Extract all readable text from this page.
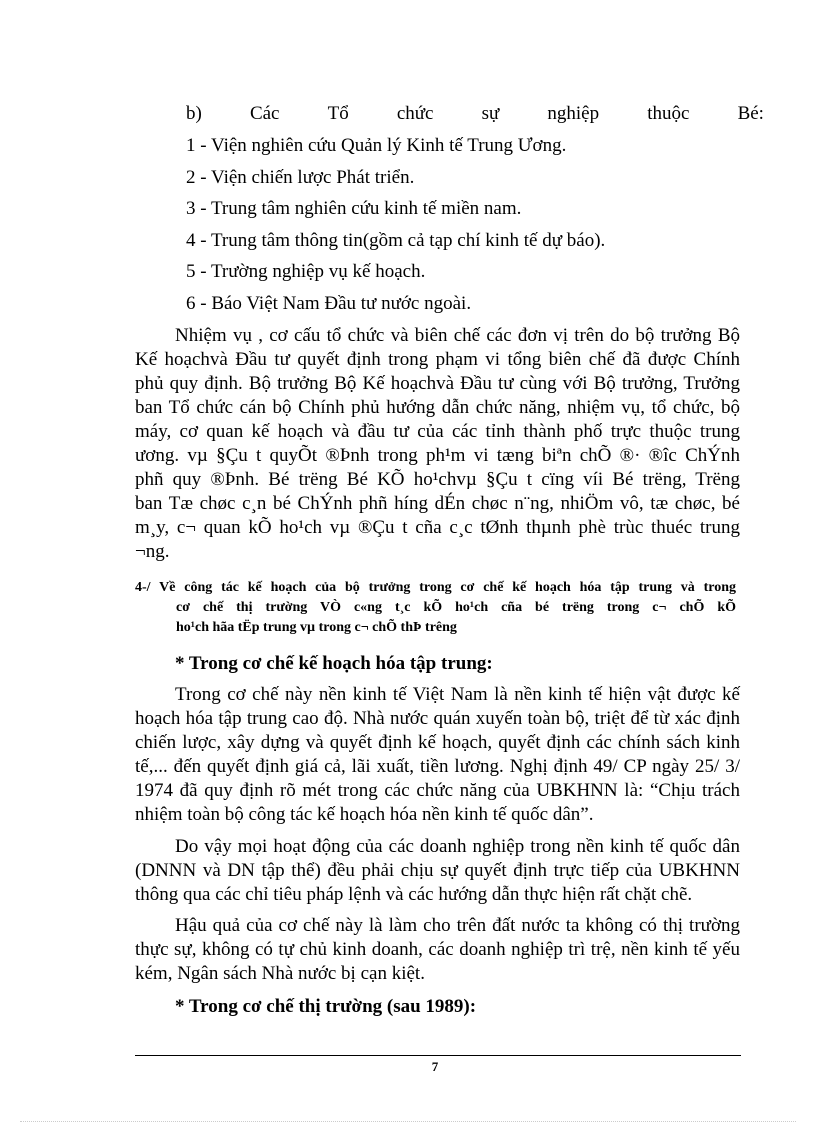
b)	Các	Tổ	chức	sự	nghiệp	thuộc	Bé:
1 - Viện nghiên cứu Quản lý Kinh tế Trung Ương.
2 - Viện chiến lược Phát triển.
3 - Trung tâm nghiên cứu kinh tế miền nam.
4 - Trung tâm thông tin(gồm cả tạp chí kinh tế dự báo).
5 - Trường nghiệp vụ kế hoạch.
6 - Báo Việt Nam Đầu tư nước ngoài.
Nhiệm vụ , cơ cấu tổ chức và biên chế các đơn vị trên do bộ trưởng Bộ
Kế hoạchvà Đầu tư quyết định trong phạm vi tổng biên chế đã được Chính
phủ quy định. Bộ trưởng Bộ Kế hoạchvà Đầu tư cùng với Bộ trưởng, Trưởng
ban Tổ chức cán bộ Chính phủ hướng dẫn chức năng, nhiệm vụ, tổ chức, bộ
máy, cơ quan kế hoạch và đầu tư của các tỉnh thành phố trực thuộc trung
ương. vµ §Çu t quyÕt ®Þnh trong ph¹m vi tæng biªn chÕ ®· ®îc ChÝnh
phñ quy ®Þnh. Bé trëng Bé KÕ ho¹chvµ §Çu t cïng víi Bé trëng, Trëng
ban Tæ chøc c¸n bé ChÝnh phñ híng dÉn chøc n¨ng, nhiÖm vô, tæ chøc, bé
m¸y, c¬ quan kÕ ho¹ch vµ ®Çu t cña c¸c tØnh thµnh phè trùc thuéc trung
¬ng.
4-/ Về công tác kế hoạch của bộ trưởng trong cơ chế kế hoạch hóa tập trung và trong
cơ chế thị trường VÒ c«ng t¸c kÕ ho¹ch cña bé trëng trong c¬ chÕ kÕ
ho¹ch hãa tËp trung vµ trong c¬ chÕ thÞ trêng
* Trong cơ chế kế hoạch hóa tập trung:
Trong cơ chế này nền kinh tế Việt Nam là nền kinh tế hiện vật được kế
hoạch hóa tập trung cao độ. Nhà nước quán xuyến toàn bộ, triệt để từ xác định
chiến lược, xây dựng và quyết định kế hoạch, quyết định các chính sách kinh
tế,... đến quyết định giá cả, lãi xuất, tiền lương. Nghị định 49/ CP ngày 25/ 3/
1974 đã quy định rõ mét trong các chức năng của UBKHNN là: “Chịu trách
nhiệm toàn bộ công tác kế hoạch hóa nền kinh tế quốc dân”.
Do vậy mọi hoạt động của các doanh nghiệp trong nền kinh tế quốc dân
(DNNN và DN tập thể) đều phải chịu sự quyết định trực tiếp của UBKHNN
thông qua các chỉ tiêu pháp lệnh và các hướng dẫn thực hiện rất chặt chẽ.
Hậu quả của cơ chế này là làm cho trên đất nước ta không có thị trường
thực sự, không có tự chủ kinh doanh, các doanh nghiệp trì trệ, nền kinh tế yếu
kém, Ngân sách Nhà nước bị cạn kiệt.
* Trong cơ chế thị trường (sau 1989):
7
